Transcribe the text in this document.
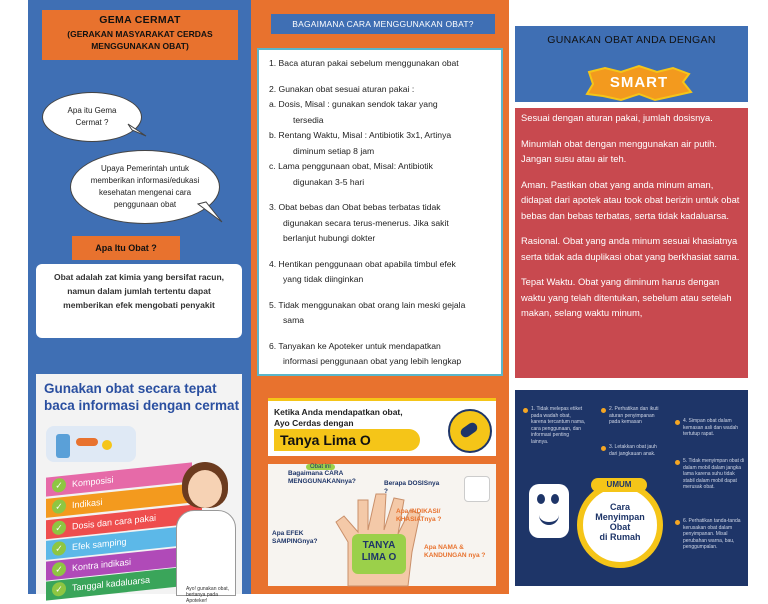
GEMA CERMAT
(GERAKAN MASYARAKAT CERDAS
MENGGUNAKAN OBAT)
Apa itu Gema Cermat ?
Upaya Pemerintah untuk memberikan informasi/edukasi kesehatan mengenai cara penggunaan obat
Apa Itu Obat ?
Obat adalah zat kimia yang bersifat racun, namun dalam jumlah tertentu dapat memberikan efek mengobati penyakit
Gunakan obat secara tepat
baca informasi dengan cermat
✓	Komposisi
✓	Indikasi
✓	Dosis dan cara pakai
✓	Efek samping
✓	Kontra indikasi
✓	Tanggal kadaluarsa	Ayo! gunakan obat, bertanya pada Apoteker!
BAGAIMANA CARA MENGGUNAKAN OBAT?

1. Baca aturan pakai sebelum menggunakan obat

2. Gunakan obat sesuai aturan pakai :

a. Dosis, Misal : gunakan sendok takar yang

tersedia

b. Rentang Waktu, Misal : Antibiotik 3x1, Artinya

diminum setiap 8 jam

c. Lama penggunaan obat, Misal: Antibiotik

digunakan 3-5 hari

3. Obat bebas dan Obat bebas terbatas tidak

digunakan secara terus-menerus. Jika sakit

berlanjut hubungi dokter

4. Hentikan penggunaan obat apabila timbul efek

yang tidak diinginkan

5. Tidak menggunakan obat orang lain meski gejala

sama

6. Tanyakan ke Apoteker untuk mendapatkan

informasi penggunaan obat yang lebih lengkap

Ketika Anda mendapatkan obat,
Ayo Cerdas dengan
Tanya Lima O
TANYA LIMA O
Bagaimana CARA MENGGUNAKANnya?	Berapa DOSISnya ?
Apa INDIKASI/ KHASIATnya ?
Apa EFEK SAMPINGnya?
Apa NAMA & KANDUNGAN nya ?
Obat ini
GUNAKAN OBAT ANDA DENGAN
SMART

Sesuai dengan aturan pakai, jumlah dosisnya.

Minumlah obat dengan menggunakan air putih. Jangan susu atau air teh.

Aman. Pastikan obat yang anda minum aman, didapat dari apotek atau took obat berizin untuk obat bebas dan bebas terbatas, serta tidak kadaluarsa.

Rasional. Obat yang anda minum sesuai khasiatnya serta tidak ada duplikasi obat yang berkhasiat sama.

Tepat Waktu. Obat yang diminum harus dengan waktu yang telah ditentukan, sebelum atau setelah makan, selang waktu minum,

1. Tidak melepas etiket pada wadah obat, karena tercantum nama, cara penggunaan, dan informasi penting lainnya.
2. Perhatikan dan ikuti aturan penyimpanan pada kemasan
3. Letakkan obat jauh dari jangkauan anak.
4. Simpan obat dalam kemasan asli dan wadah tertutup rapat.
5. Tidak menyimpan obat di dalam mobil dalam jangka lama karena suhu tidak stabil dalam mobil dapat merusak obat.
6. Perhatikan tanda-tanda kerusakan obat dalam penyimpanan. Misal perubahan warna, bau, penggumpalan.
Cara
Menyimpan
Obat
di Rumah
UMUM
